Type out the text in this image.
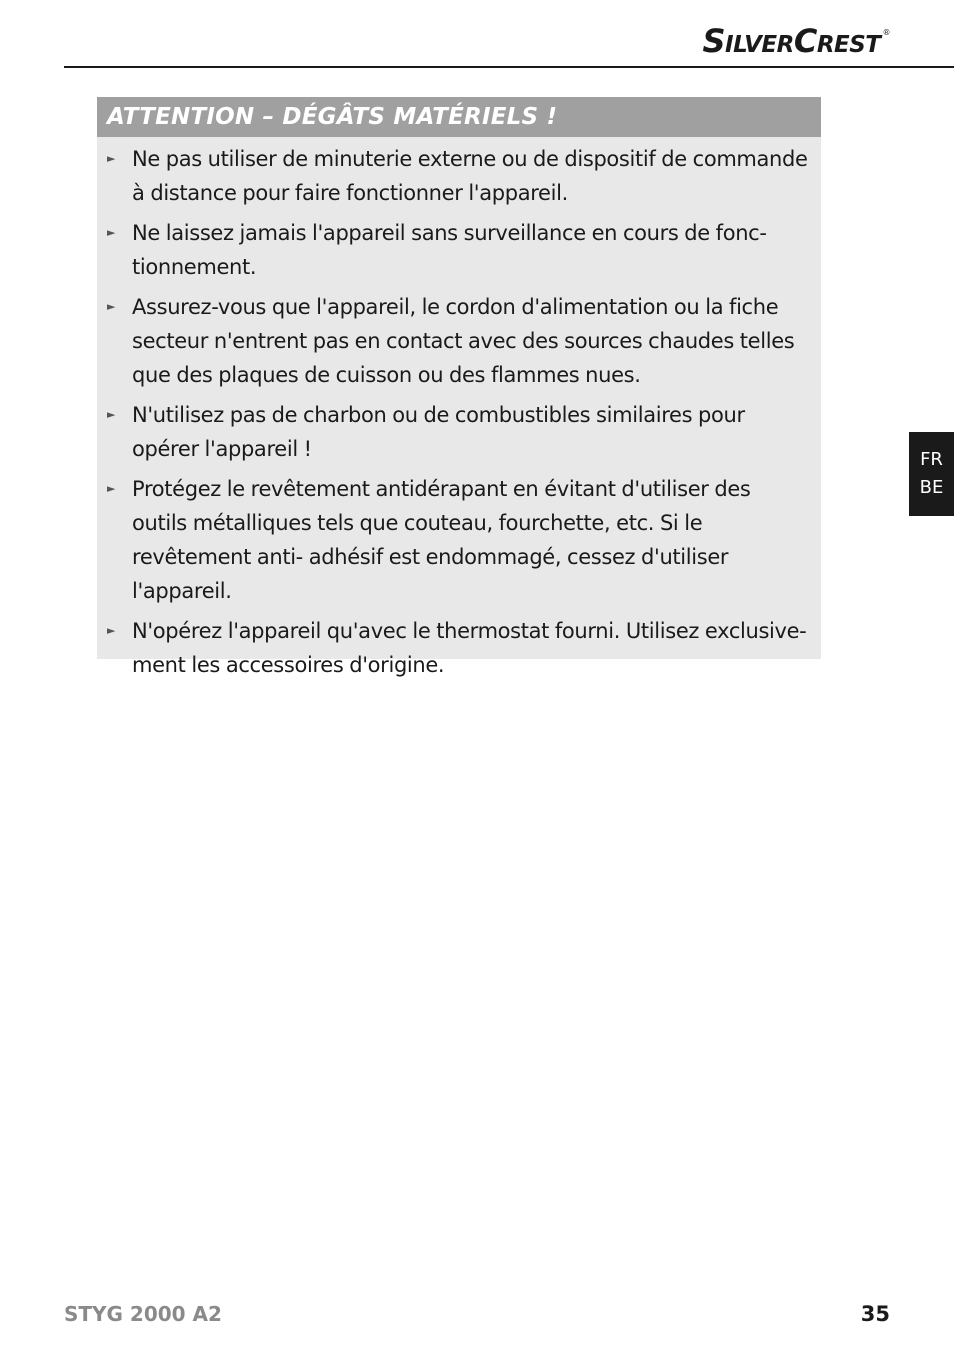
SILVERCREST ®
ATTENTION – DÉGÂTS MATÉRIELS !
► Ne pas utiliser de minuterie externe ou de dispositif de commande à distance pour faire fonctionner l'appareil.
► Ne laissez jamais l'appareil sans surveillance en cours de fonc- tionnement.
► Assurez-vous que l'appareil, le cordon d'alimentation ou la fiche secteur n'entrent pas en contact avec des sources chaudes telles que des plaques de cuisson ou des flammes nues.
► N'utilisez pas de charbon ou de combustibles similaires pour opérer l'appareil !
► Protégez le revêtement antidérapant en évitant d'utiliser des outils métalliques tels que couteau, fourchette, etc. Si le revêtement anti- adhésif est endommagé, cessez d'utiliser l'appareil.
► N'opérez l'appareil qu'avec le thermostat fourni. Utilisez exclusive- ment les accessoires d'origine.
FR
BE
STYG 2000 A2	35
